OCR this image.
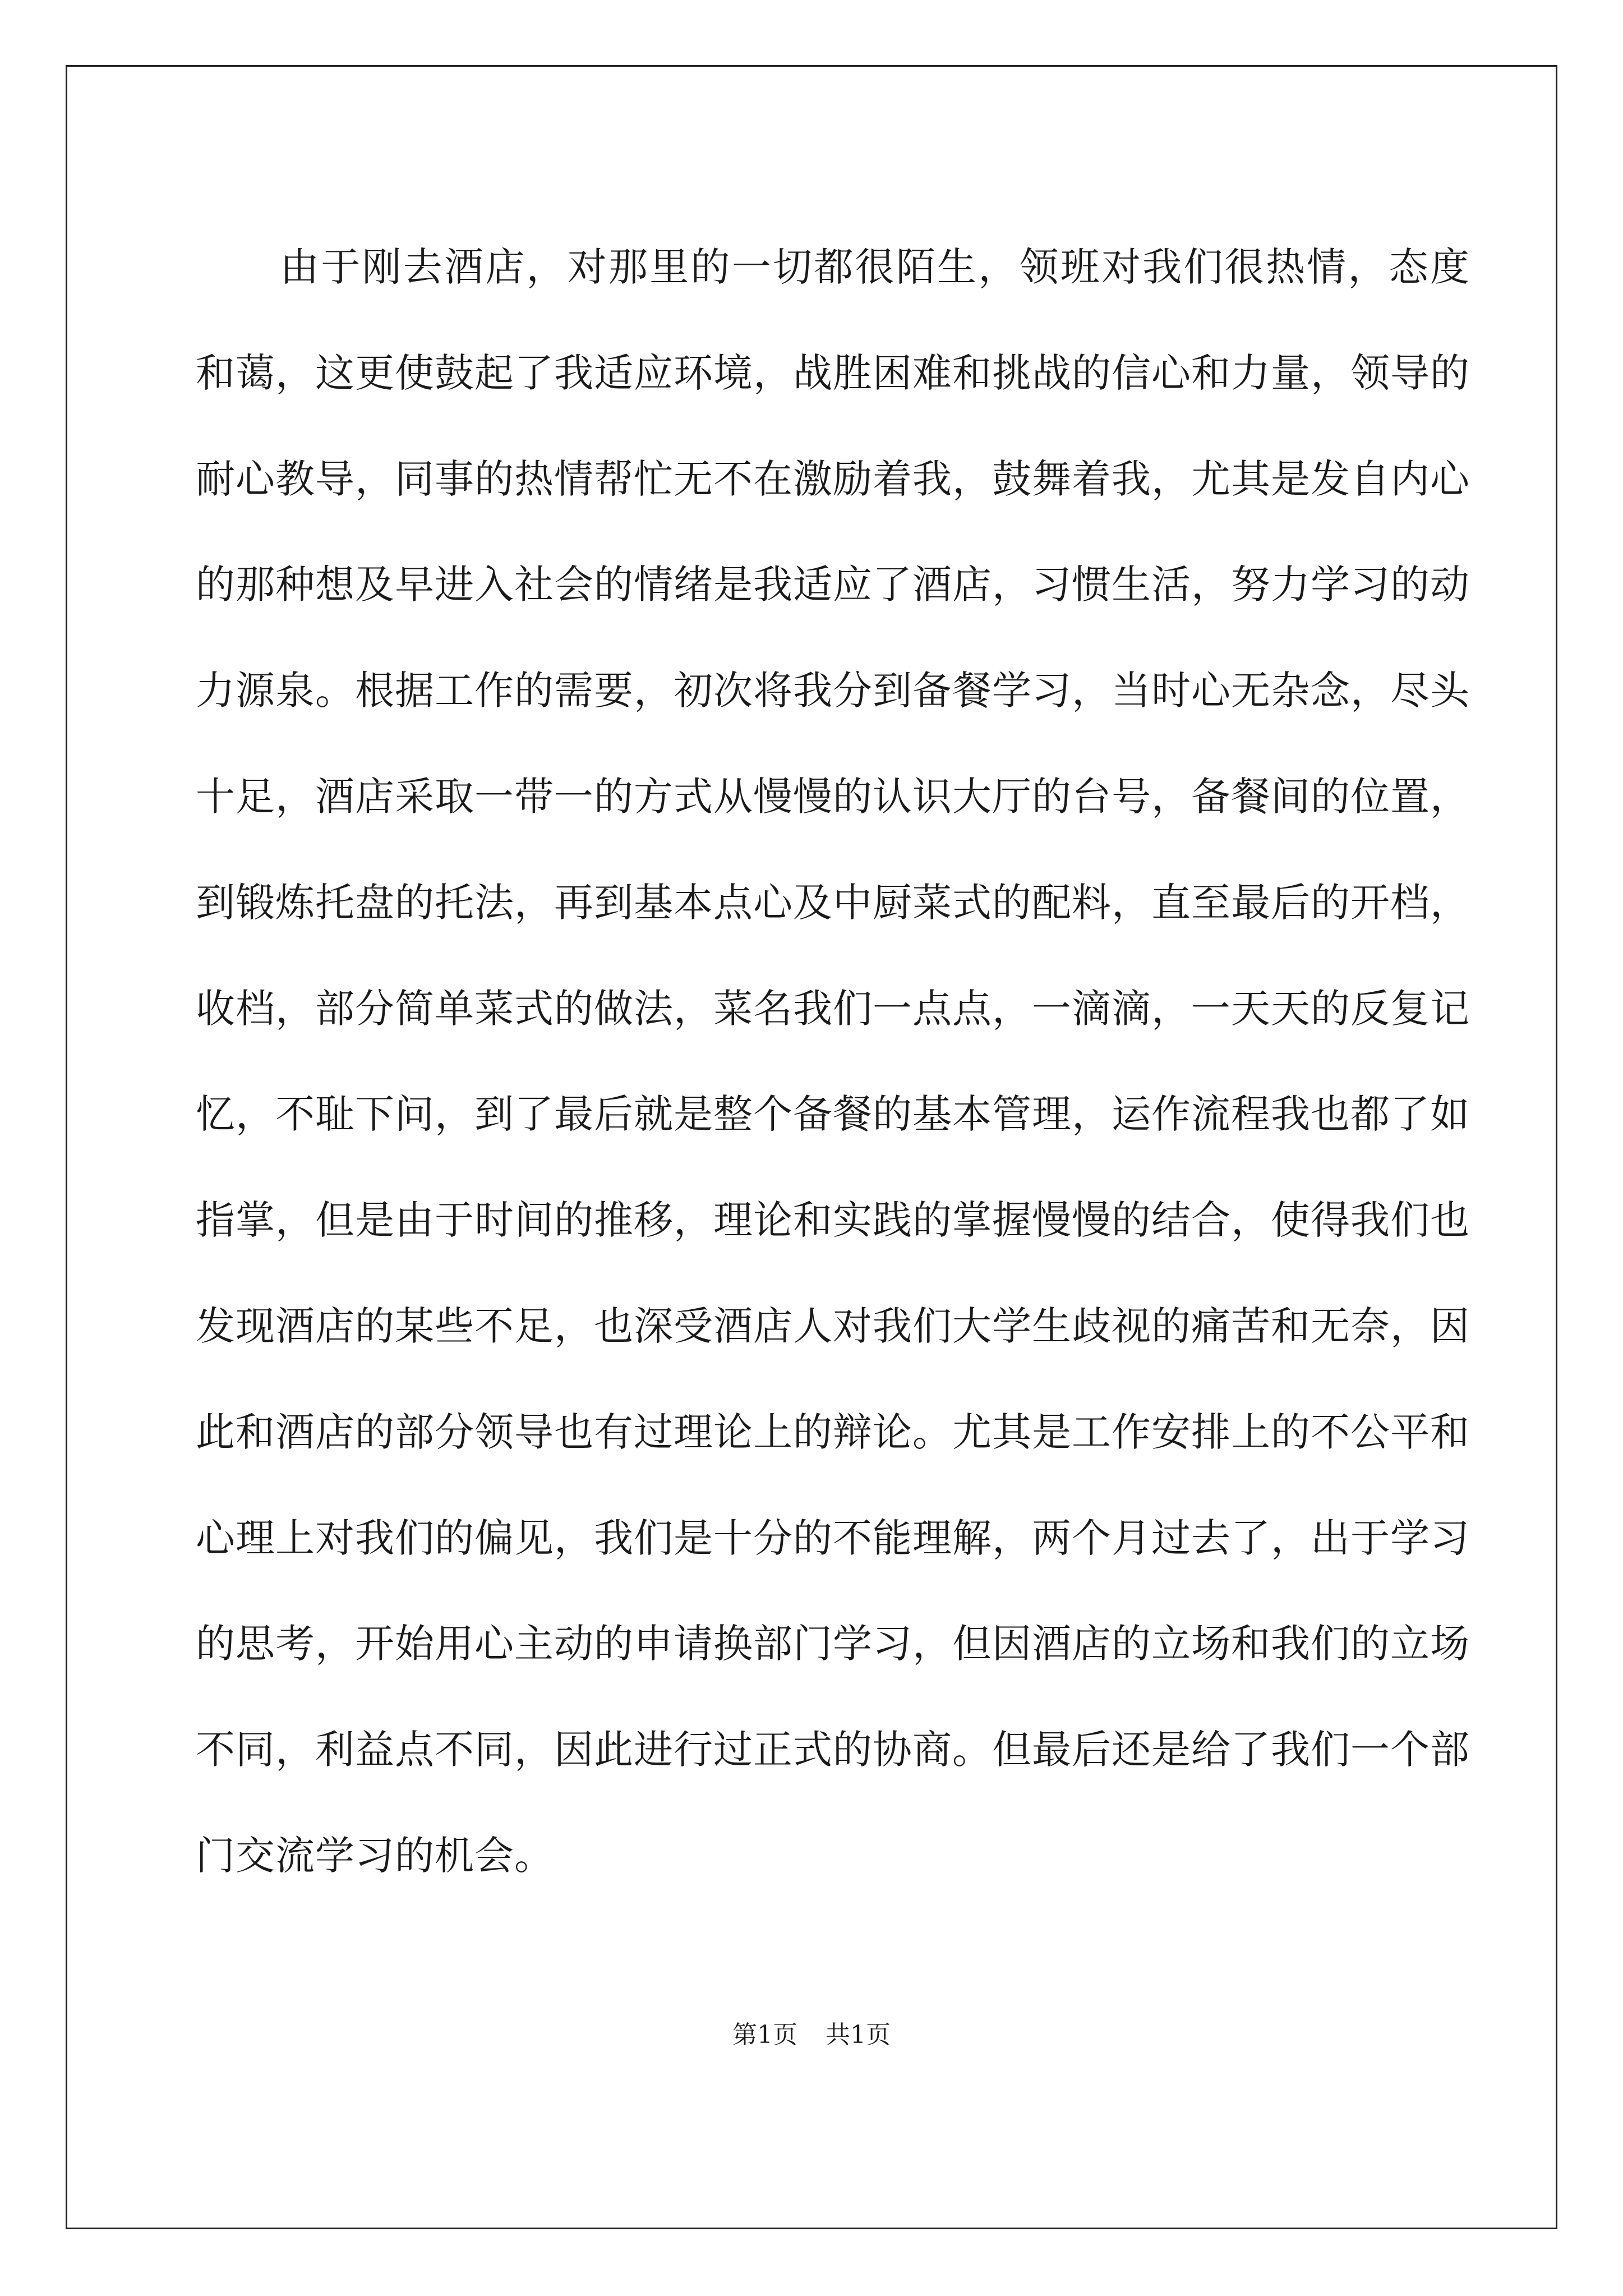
由于刚去酒店，对那里的一切都很陌生，领班对我们很热情，态度和蔼，这更使鼓起了我适应环境，战胜困难和挑战的信心和力量，领导的耐心教导，同事的热情帮忙无不在激励着我，鼓舞着我，尤其是发自内心的那种想及早进入社会的情绪是我适应了酒店，习惯生活，努力学习的动力源泉。根据工作的需要，初次将我分到备餐学习，当时心无杂念，尽头十足，酒店采取一带一的方式从慢慢的认识大厅的台号，备餐间的位置，到锻炼托盘的托法，再到基本点心及中厨菜式的配料，直至最后的开档，收档，部分简单菜式的做法，菜名我们一点点，一滴滴，一天天的反复记忆，不耻下问，到了最后就是整个备餐的基本管理，运作流程我也都了如指掌，但是由于时间的推移，理论和实践的掌握慢慢的结合，使得我们也发现酒店的某些不足，也深受酒店人对我们大学生歧视的痛苦和无奈，因此和酒店的部分领导也有过理论上的辩论。尤其是工作安排上的不公平和心理上对我们的偏见，我们是十分的不能理解，两个月过去了，出于学习的思考，开始用心主动的申请换部门学习，但因酒店的立场和我们的立场不同，利益点不同，因此进行过正式的协商。但最后还是给了我们一个部门交流学习的机会。

第1页 共1页
